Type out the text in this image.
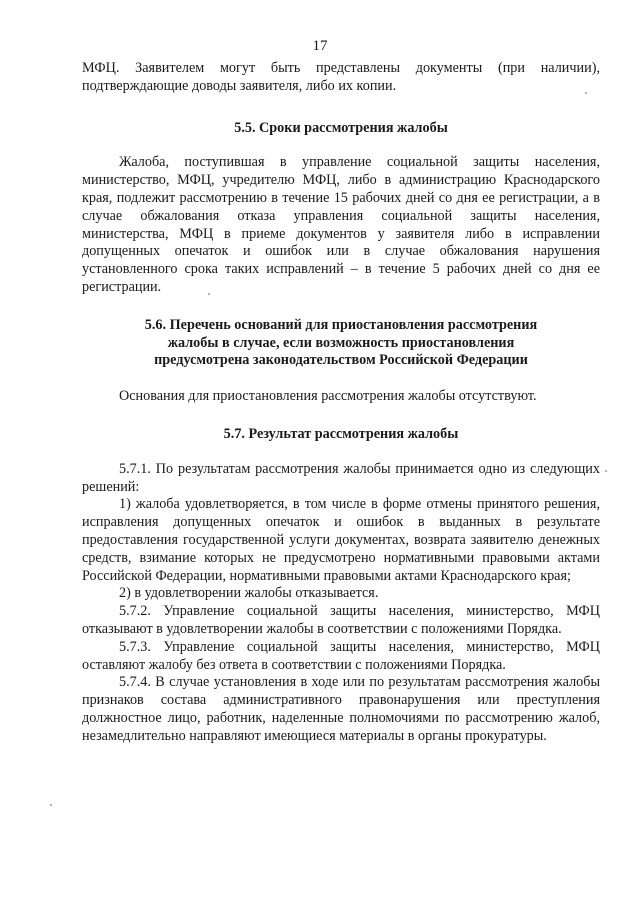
17

МФЦ. Заявителем могут быть представлены документы (при наличии), подтверждающие доводы заявителя, либо их копии.

5.5. Сроки рассмотрения жалобы

Жалоба, поступившая в управление социальной защиты населения, министерство, МФЦ, учредителю МФЦ, либо в администрацию Краснодарского края, подлежит рассмотрению в течение 15 рабочих дней со дня ее регистрации, а в случае обжалования отказа управления социальной защиты населения, министерства, МФЦ в приеме документов у заявителя либо в исправлении допущенных опечаток и ошибок или в случае обжалования нарушения установленного срока таких исправлений – в течение 5 рабочих дней со дня ее регистрации.

5.6. Перечень оснований для приостановления рассмотрения

жалобы в случае, если возможность приостановления

предусмотрена законодательством Российской Федерации

Основания для приостановления рассмотрения жалобы отсутствуют.

5.7. Результат рассмотрения жалобы

5.7.1. По результатам рассмотрения жалобы принимается одно из следующих решений:

1) жалоба удовлетворяется, в том числе в форме отмены принятого решения, исправления допущенных опечаток и ошибок в выданных в результате предоставления государственной услуги документах, возврата заявителю денежных средств, взимание которых не предусмотрено нормативными правовыми актами Российской Федерации, нормативными правовыми актами Краснодарского края;

2) в удовлетворении жалобы отказывается.

5.7.2. Управление социальной защиты населения, министерство, МФЦ отказывают в удовлетворении жалобы в соответствии с положениями Порядка.

5.7.3. Управление социальной защиты населения, министерство, МФЦ оставляют жалобу без ответа в соответствии с положениями Порядка.

5.7.4. В случае установления в ходе или по результатам рассмотрения жалобы признаков состава административного правонарушения или преступления должностное лицо, работник, наделенные полномочиями по рассмотрению жалоб, незамедлительно направляют имеющиеся материалы в органы прокуратуры.
